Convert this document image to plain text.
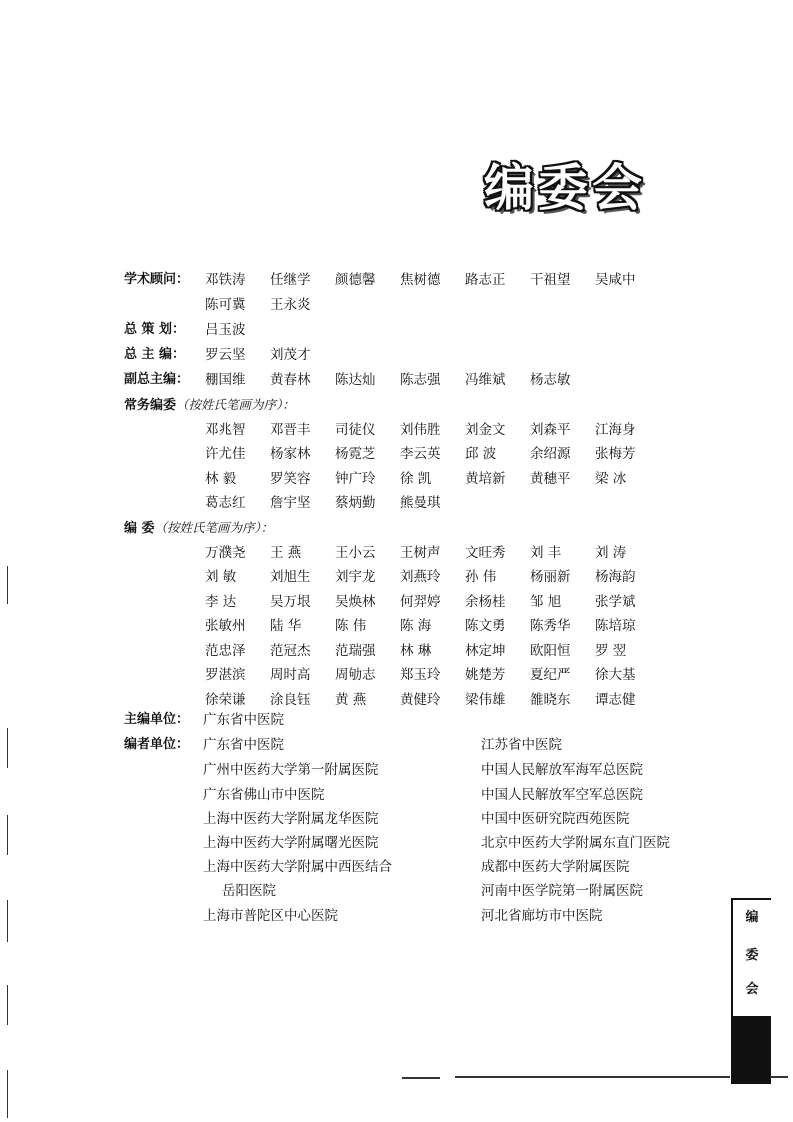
编委会
学术顾问： 邓铁涛 任继学 颜德馨 焦树德 路志正 干祖望 吴咸中
陈可冀 王永炎
总 策 划： 吕玉波
总 主 编： 罗云坚 刘茂才
副总主编： 稝国维 黄春林 陈达灿 陈志强 冯维斌 杨志敏
常务编委（按姓氏笔画为序）：
邓兆智 邓晋丰 司徒仪 刘伟胜 刘金文 刘森平 江海身
许尤佳 杨家林 杨霓芝 李云英 邱 波 余绍源 张梅芳
林 毅 罗笑容 钟广玲 徐 凯 黄培新 黄穗平 梁 冰
葛志红 詹宇坚 蔡炳勤 熊曼琪
编 委（按姓氏笔画为序）：
万濮尧 王 燕 王小云 王树声 文旺秀 刘 丰 刘 涛
刘 敏 刘旭生 刘宇龙 刘燕玲 孙 伟 杨丽新 杨海韵
李 达 吴万垠 吴焕林 何羿婷 余杨桂 邹 旭 张学斌
张敏州 陆 华 陈 伟 陈 海 陈文勇 陈秀华 陈培琼
范忠泽 范冠杰 范瑞强 林 琳 林定坤 欧阳恒 罗 翌
罗湛滨 周时高 周劬志 郑玉玲 姚楚芳 夏纪严 徐大基
徐荣谦 涂良钰 黄 燕 黄健玲 梁伟雄 雒晓东 谭志健
主编单位： 广东省中医院
编者单位： 广东省中医院
广州中医药大学第一附属医院
广东省佛山市中医院
上海中医药大学附属龙华医院
上海中医药大学附属曙光医院
上海中医药大学附属中西医结合
岳阳医院
上海市普陀区中心医院
江苏省中医院
中国人民解放军海军总医院
中国人民解放军空军总医院
中国中医研究院西苑医院
北京中医药大学附属东直门医院
成都中医药大学附属医院
河南中医学院第一附属医院
河北省廊坊市中医院	编
委
会
